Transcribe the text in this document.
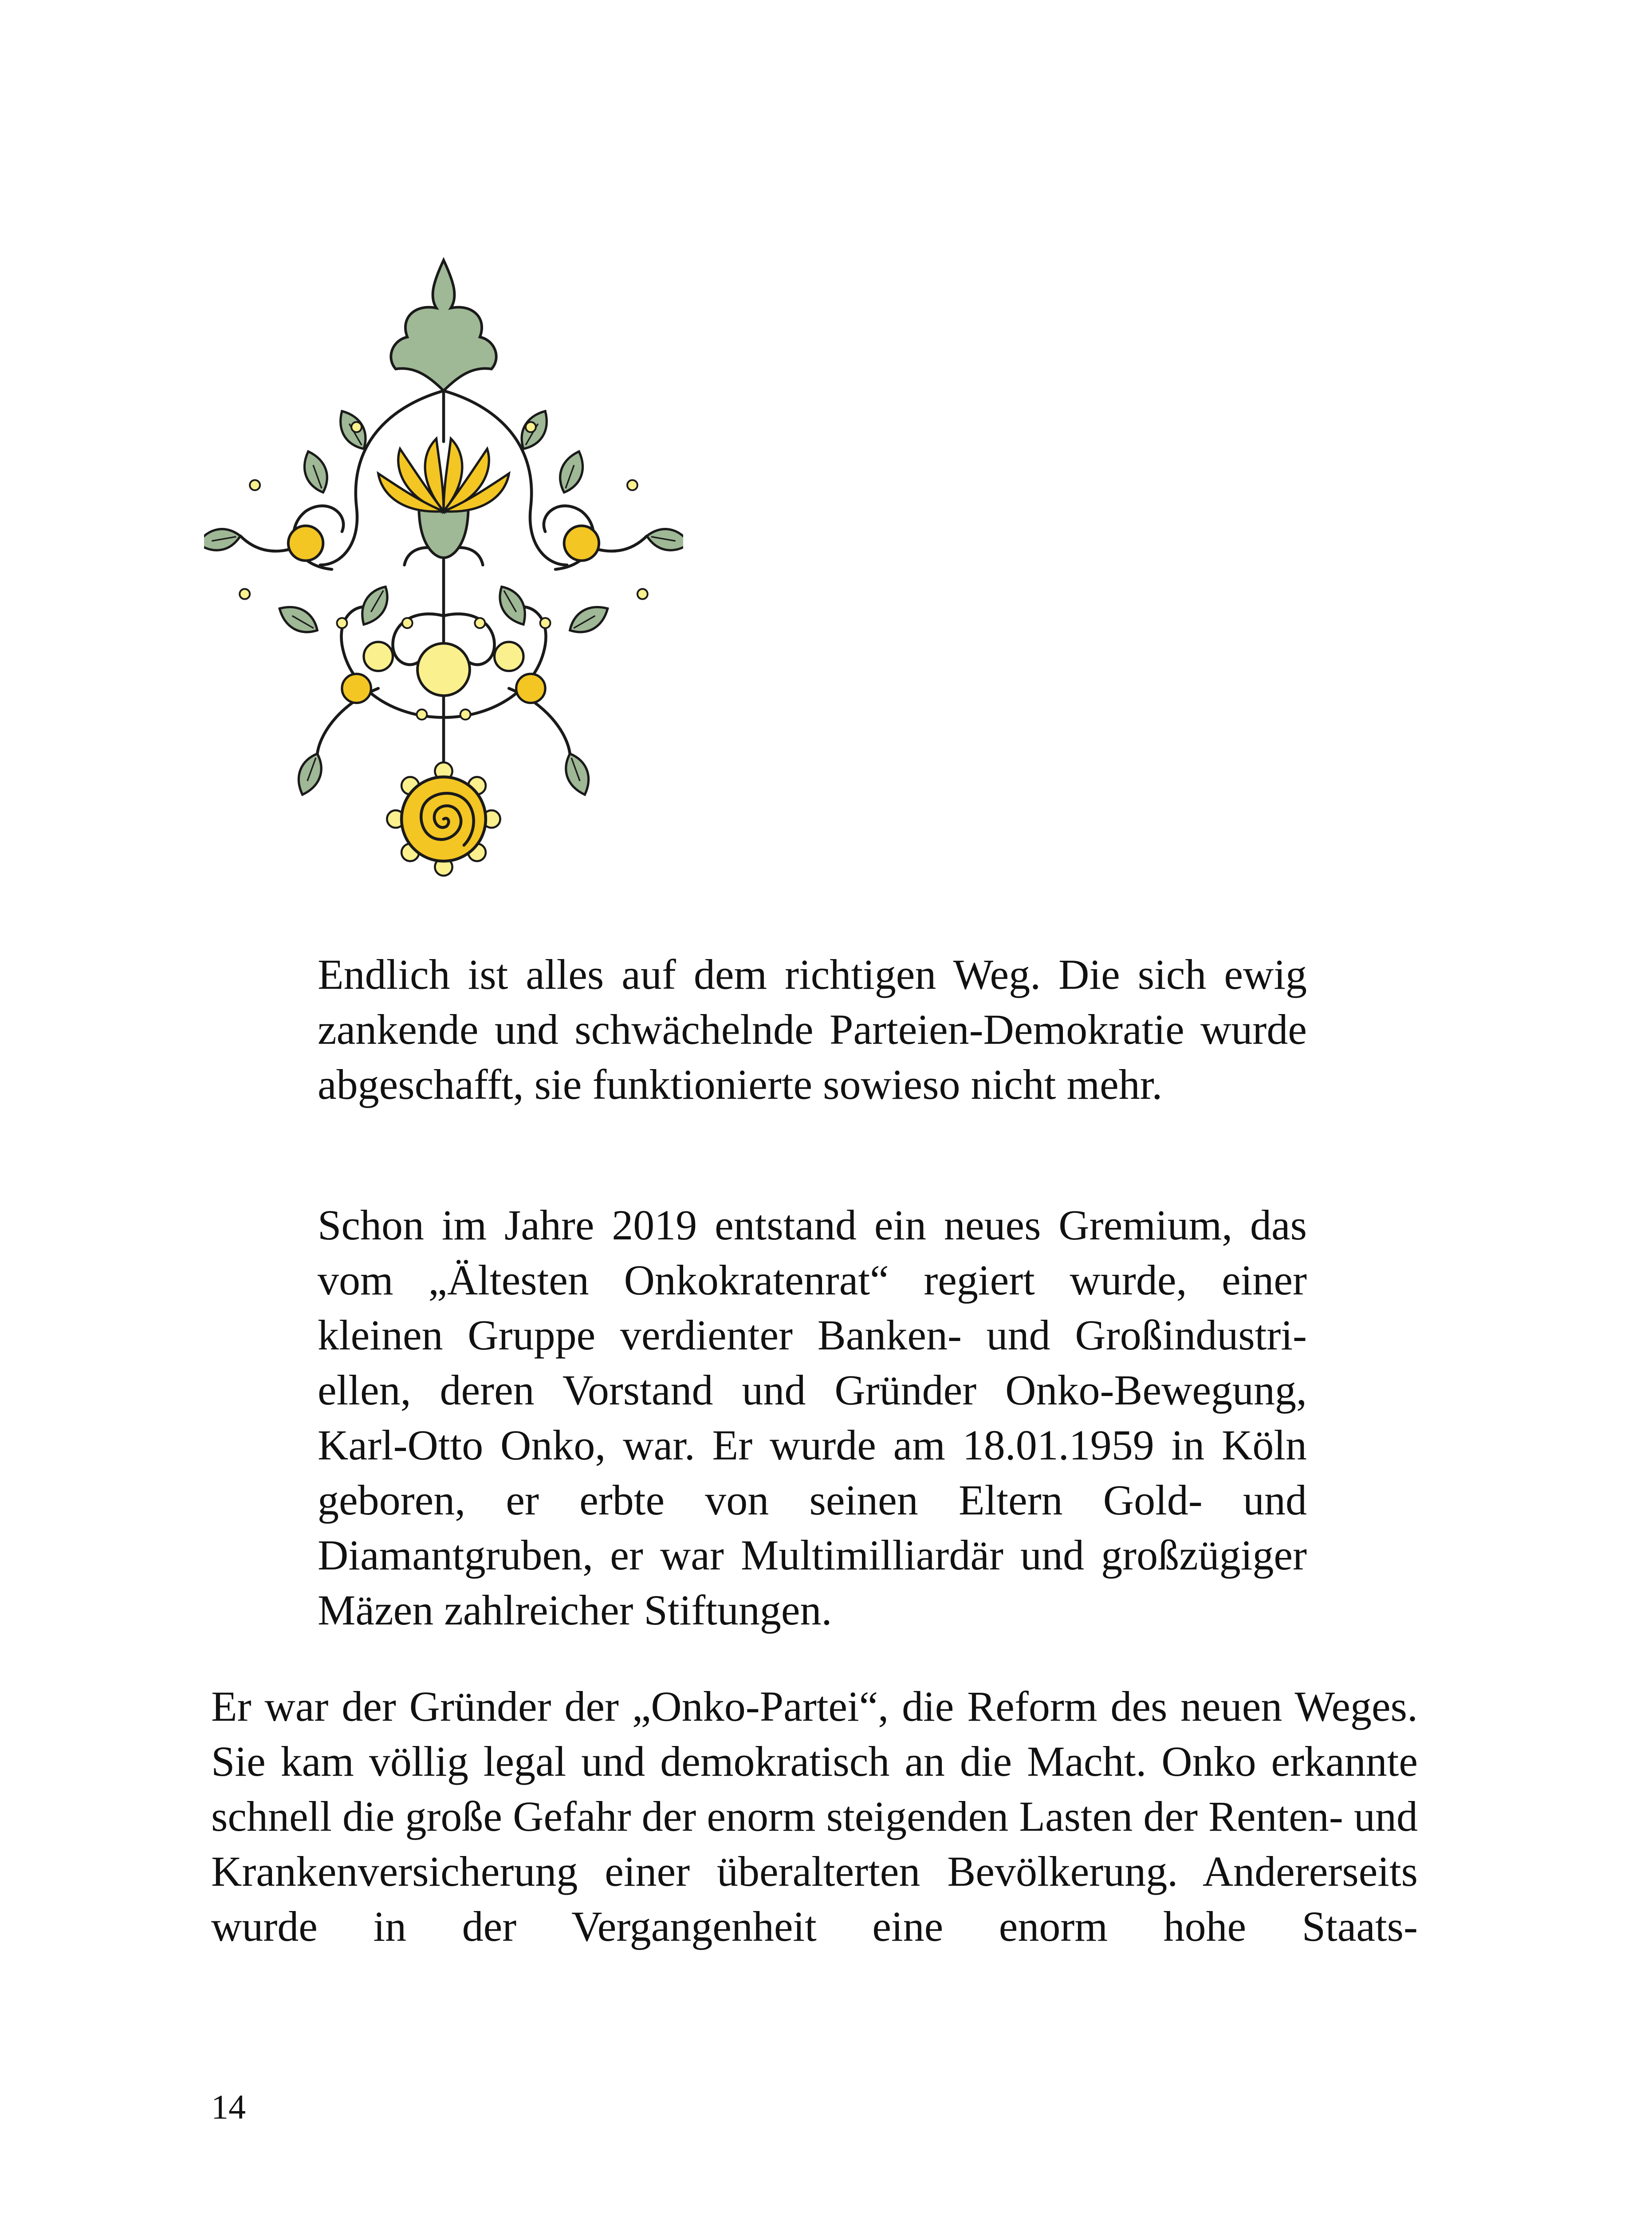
Endlich ist alles auf dem richtigen Weg. Die sich ewig zankende und schwächelnde Parteien-Demokratie wurde abgeschafft, sie funktionierte sowieso nicht mehr.

Schon im Jahre 2019 entstand ein neues Gremium, das vom „Ältesten Onkokratenrat“ regiert wurde, einer kleinen Gruppe verdienter Banken- und Großindustriellen, deren Vorstand und Gründer Onko-Bewegung, Karl-Otto Onko, war. Er wurde am 18.01.1959 in Köln geboren, er erbte von seinen Eltern Gold- und Diamantgruben, er war Multimilliardär und großzügiger Mäzen zahlreicher Stiftungen.

Er war der Gründer der „Onko-Partei“, die Reform des neuen Weges. Sie kam völlig legal und demokratisch an die Macht. Onko erkannte schnell die große Gefahr der enorm steigenden Lasten der Renten- und Krankenversicherung einer überalterten Bevölkerung. Andererseits wurde in der Vergangenheit eine enorm hohe Staats-

14
